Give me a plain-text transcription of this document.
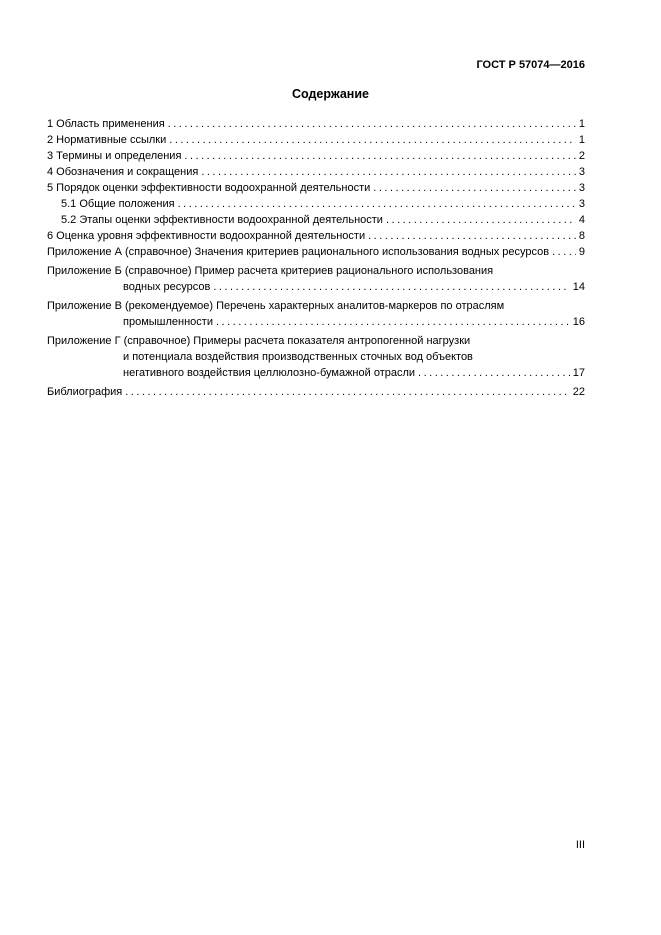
ГОСТ Р 57074—2016
Содержание
1 Область применения .....	1
2 Нормативные ссылки .....	1
3 Термины и определения .....	2
4 Обозначения и сокращения .....	3
5 Порядок оценки эффективности водоохранной деятельности .....	3
5.1 Общие положения .....	3
5.2 Этапы оценки эффективности водоохранной деятельности .....	4
6 Оценка уровня эффективности водоохранной деятельности .....	8
Приложение А (справочное) Значения критериев рационального использования водных ресурсов .....	9
Приложение Б (справочное) Пример расчета критериев рационального использования
водных ресурсов .....	14
Приложение В (рекомендуемое) Перечень характерных аналитов-маркеров по отраслям
промышленности .....	16
Приложение Г (справочное) Примеры расчета показателя антропогенной нагрузки
и потенциала воздействия производственных сточных вод объектов
негативного воздействия целлюлозно-бумажной отрасли .....	17
Библиография .....	22
III
